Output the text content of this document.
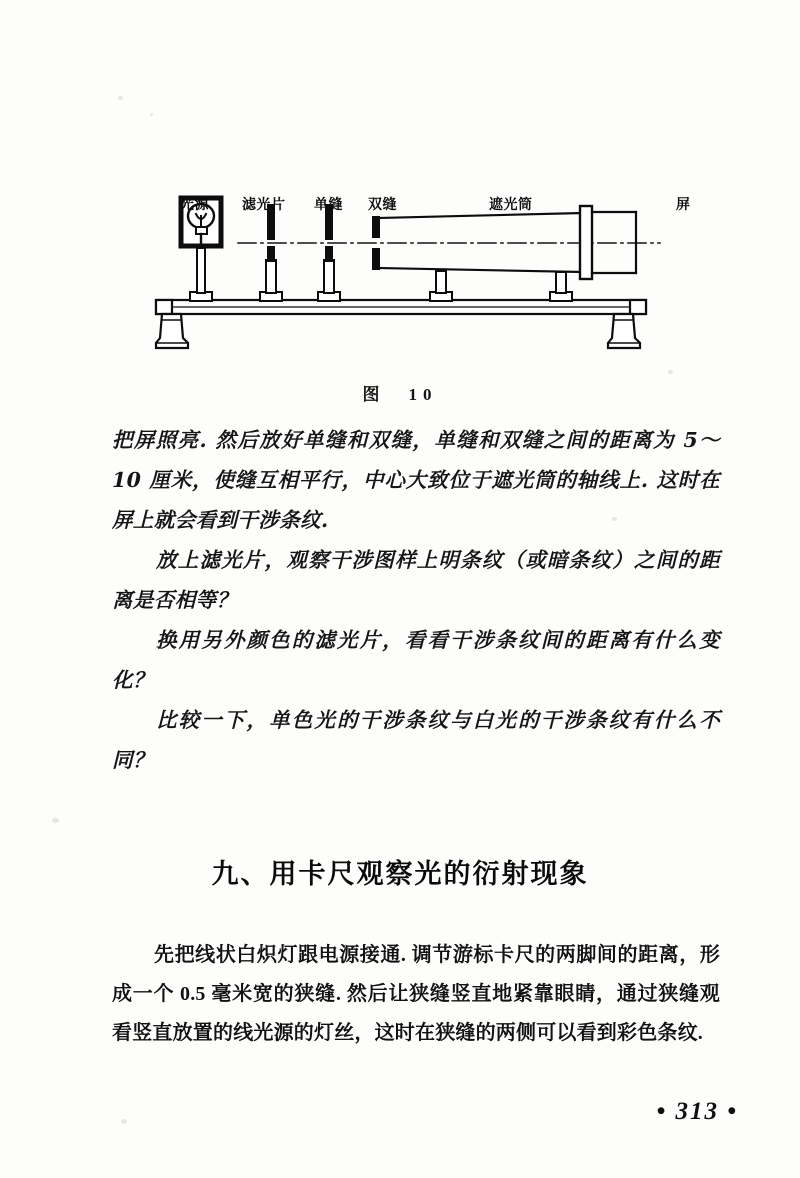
光源 滤光片 单缝 双缝	遮光筒	屏
图　10
把屏照亮. 然后放好单缝和双缝，单缝和双缝之间的距离为 5～10 厘米，使缝互相平行，中心大致位于遮光筒的轴线上. 这时在屏上就会看到干涉条纹.
放上滤光片，观察干涉图样上明条纹（或暗条纹）之间的距离是否相等？
换用另外颜色的滤光片，看看干涉条纹间的距离有什么变化？
比较一下，单色光的干涉条纹与白光的干涉条纹有什么不同？
九、用卡尺观察光的衍射现象
先把线状白炽灯跟电源接通. 调节游标卡尺的两脚间的距离，形成一个 0.5 毫米宽的狭缝. 然后让狭缝竖直地紧靠眼睛，通过狭缝观看竖直放置的线光源的灯丝，这时在狭缝的两侧可以看到彩色条纹.
• 313 •
